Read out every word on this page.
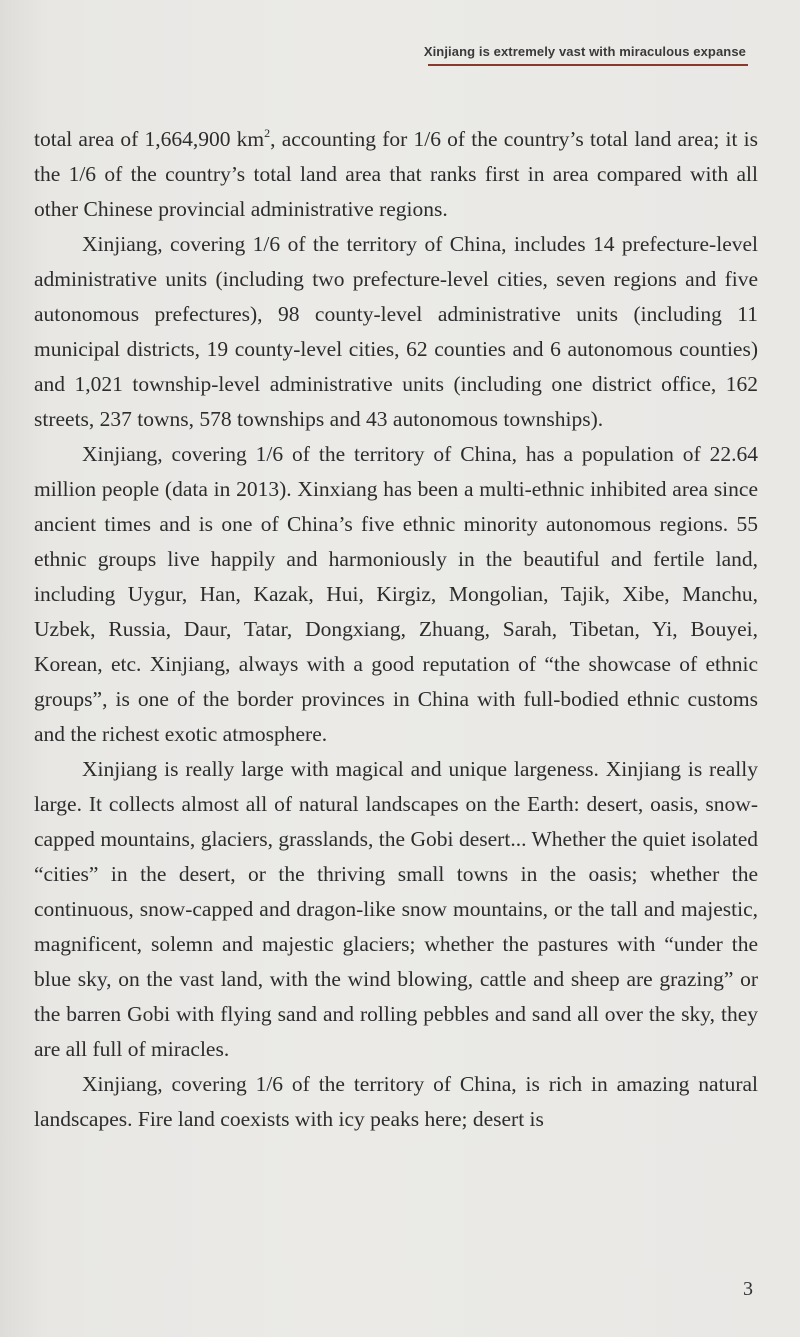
Xinjiang is extremely vast with miraculous expanse

total area of 1,664,900 $km^2$, accounting for 1/6 of the country’s total land area; it is the 1/6 of the country’s total land area that ranks first in area compared with all other Chinese provincial administrative regions.

Xinjiang, covering 1/6 of the territory of China, includes 14 prefecture-level administrative units (including two prefecture-level cities, seven regions and five autonomous prefectures), 98 county-level administrative units (including 11 municipal districts, 19 county-level cities, 62 counties and 6 autonomous counties) and 1,021 township-level administrative units (including one district office, 162 streets, 237 towns, 578 townships and 43 autonomous townships).

Xinjiang, covering 1/6 of the territory of China, has a population of 22.64 million people (data in 2013). Xinxiang has been a multi-ethnic inhibited area since ancient times and is one of China’s five ethnic minority autonomous regions. 55 ethnic groups live happily and harmoniously in the beautiful and fertile land, including Uygur, Han, Kazak, Hui, Kirgiz, Mongolian, Tajik, Xibe, Manchu, Uzbek, Russia, Daur, Tatar, Dongxiang, Zhuang, Sarah, Tibetan, Yi, Bouyei, Korean, etc. Xinjiang, always with a good reputation of “the showcase of ethnic groups”, is one of the border provinces in China with full-bodied ethnic customs and the richest exotic atmosphere.

Xinjiang is really large with magical and unique largeness. Xinjiang is really large. It collects almost all of natural landscapes on the Earth: desert, oasis, snow-capped mountains, glaciers, grasslands, the Gobi desert... Whether the quiet isolated “cities” in the desert, or the thriving small towns in the oasis; whether the continuous, snow-capped and dragon-like snow mountains, or the tall and majestic, magnificent, solemn and majestic glaciers; whether the pastures with “under the blue sky, on the vast land, with the wind blowing, cattle and sheep are grazing” or the barren Gobi with flying sand and rolling pebbles and sand all over the sky, they are all full of miracles.

Xinjiang, covering 1/6 of the territory of China, is rich in amazing natural landscapes. Fire land coexists with icy peaks here; desert is

3
